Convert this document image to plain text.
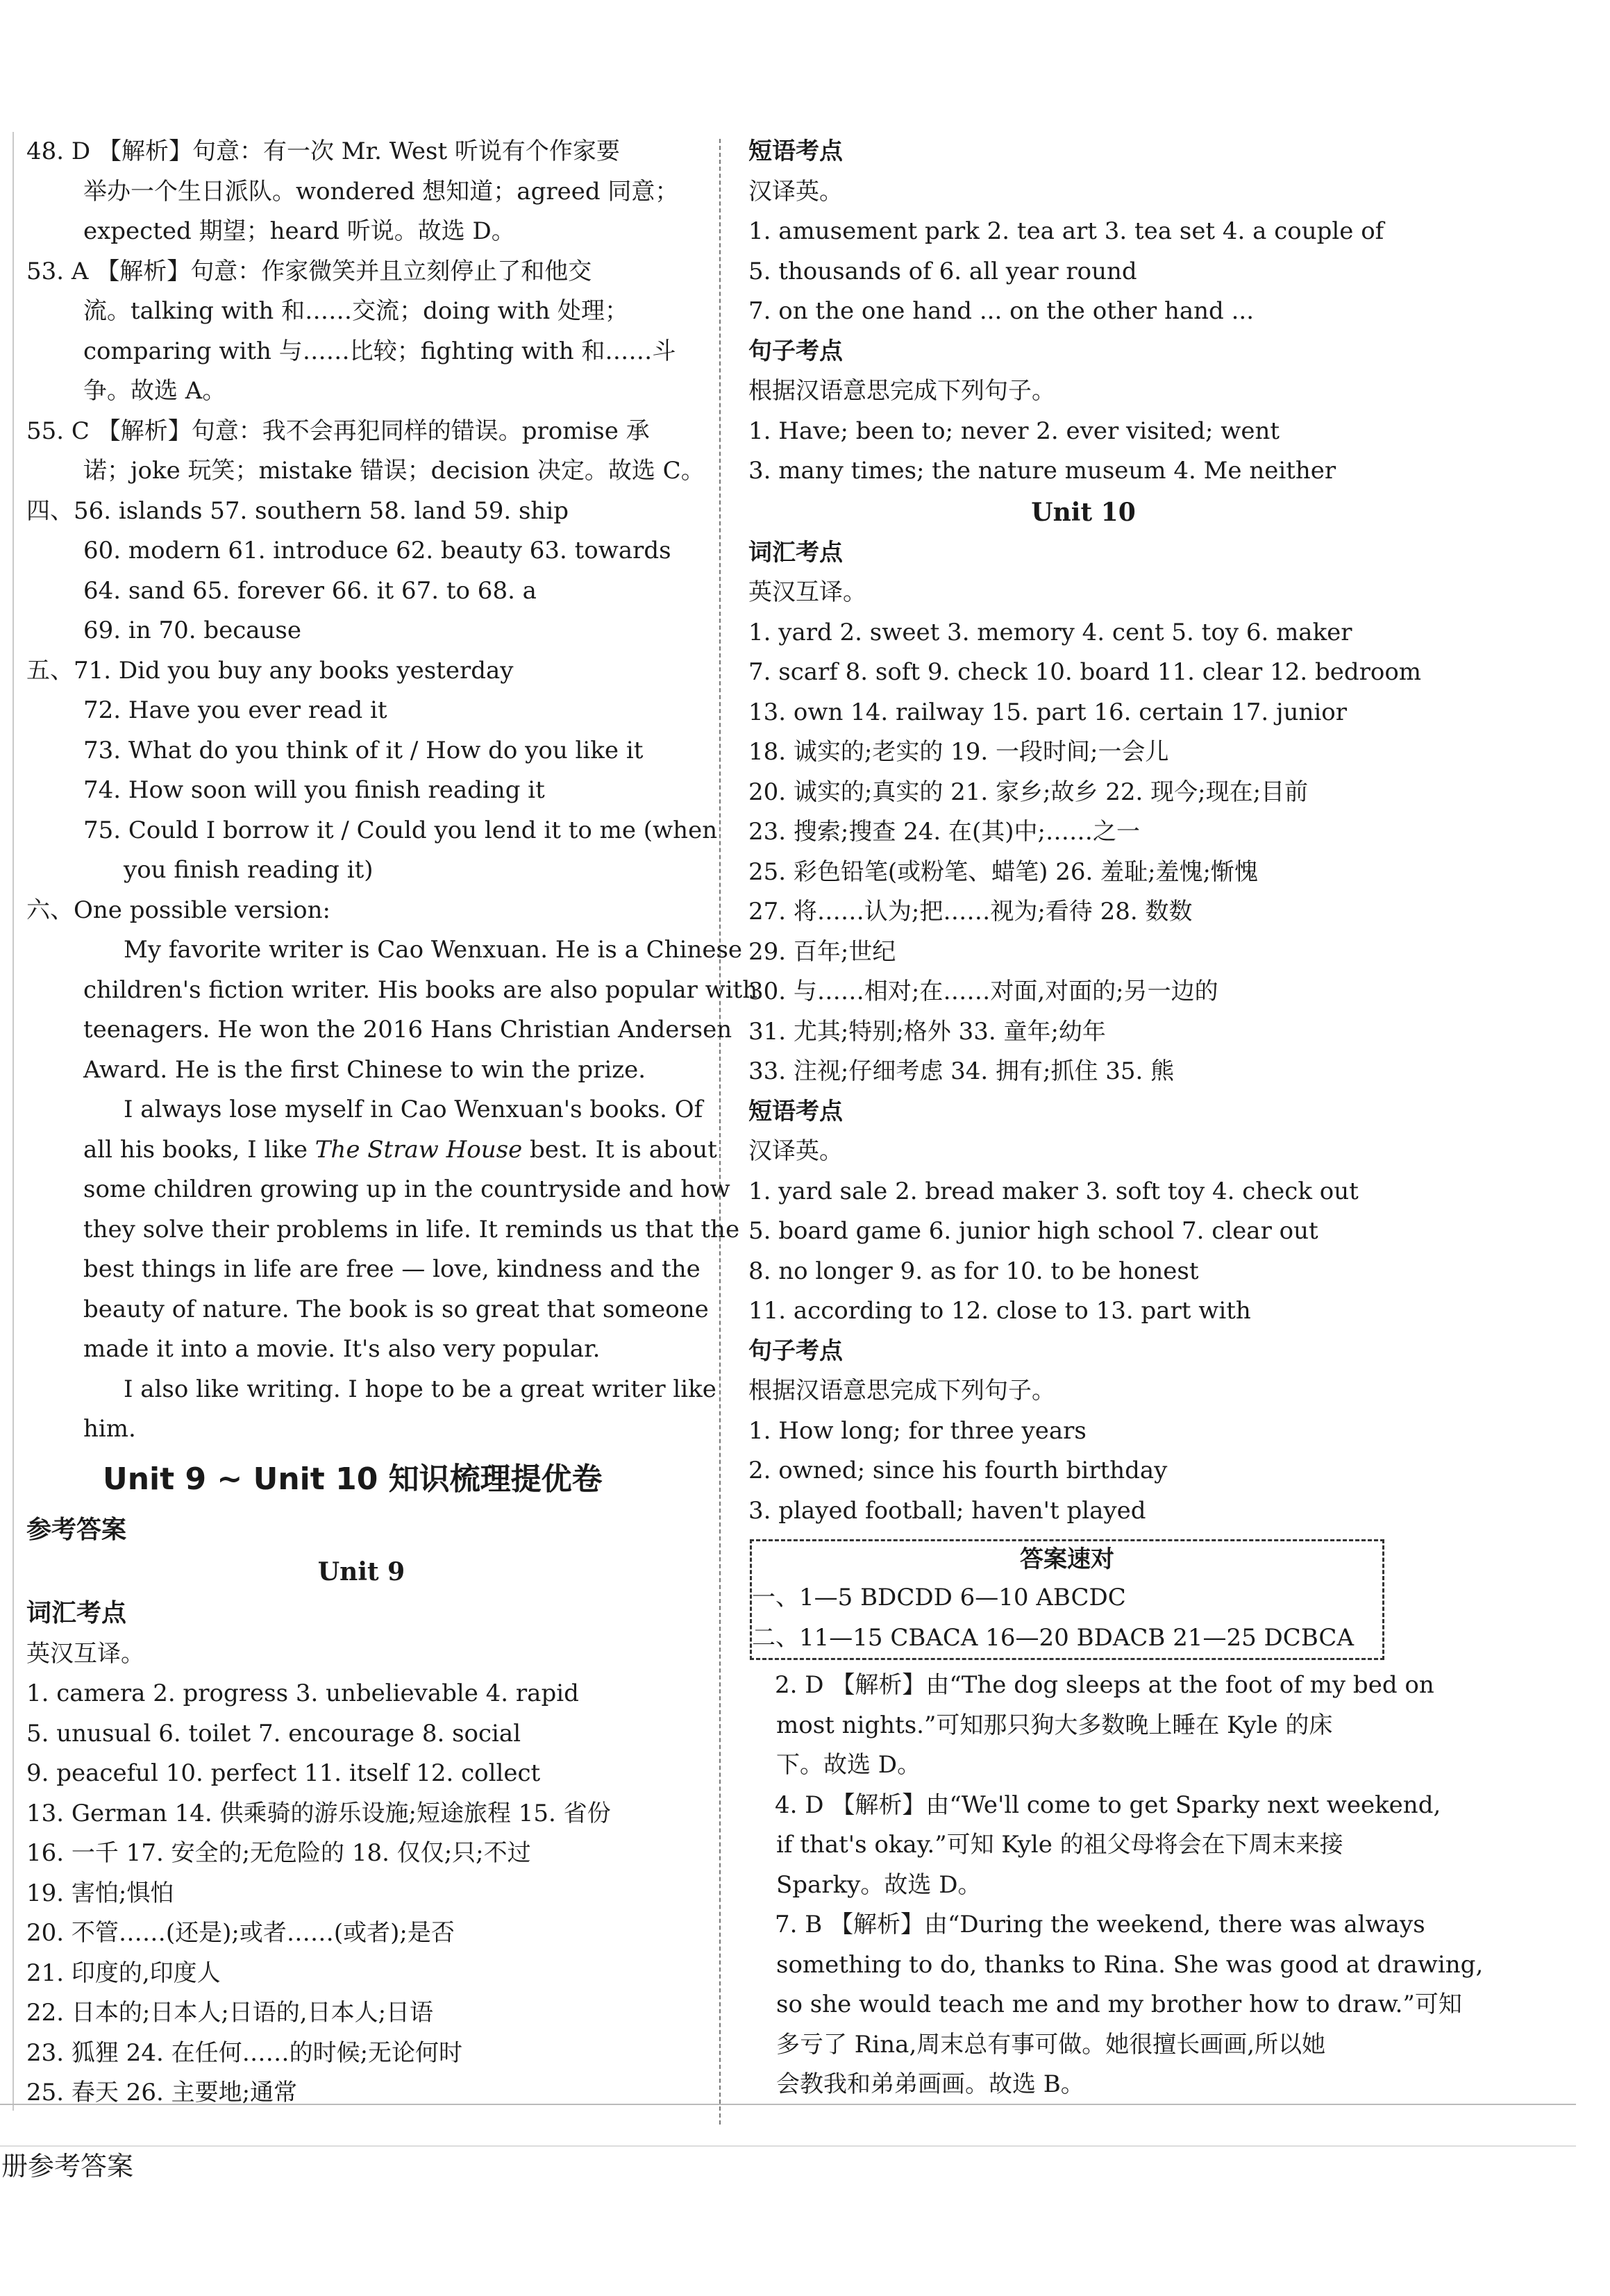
48. D 【解析】句意：有一次 Mr. West 听说有个作家要
举办一个生日派队。wondered 想知道；agreed 同意；
expected 期望；heard 听说。故选 D。
53. A 【解析】句意：作家微笑并且立刻停止了和他交
流。talking with 和……交流；doing with 处理；
comparing with 与……比较；fighting with 和……斗
争。故选 A。
55. C 【解析】句意：我不会再犯同样的错误。promise 承
诺；joke 玩笑；mistake 错误；decision 决定。故选 C。
四、56. islands 57. southern 58. land 59. ship
60. modern 61. introduce 62. beauty 63. towards
64. sand 65. forever 66. it 67. to 68. a
69. in 70. because
五、71. Did you buy any books yesterday
72. Have you ever read it
73. What do you think of it / How do you like it
74. How soon will you finish reading it
75. Could I borrow it / Could you lend it to me (when
you finish reading it)
六、One possible version:
My favorite writer is Cao Wenxuan. He is a Chinese
children's fiction writer. His books are also popular with
teenagers. He won the 2016 Hans Christian Andersen
Award. He is the first Chinese to win the prize.
I always lose myself in Cao Wenxuan's books. Of
all his books, I like The Straw House best. It is about
some children growing up in the countryside and how
they solve their problems in life. It reminds us that the
best things in life are free — love, kindness and the
beauty of nature. The book is so great that someone
made it into a movie. It's also very popular.
I also like writing. I hope to be a great writer like
him.
Unit 9 ~ Unit 10 知识梳理提优卷
参考答案
Unit 9
词汇考点
英汉互译。
1. camera 2. progress 3. unbelievable 4. rapid
5. unusual 6. toilet 7. encourage 8. social
9. peaceful 10. perfect 11. itself 12. collect
13. German 14. 供乘骑的游乐设施;短途旅程 15. 省份
16. 一千 17. 安全的;无危险的 18. 仅仅;只;不过
19. 害怕;惧怕
20. 不管……(还是);或者……(或者);是否
21. 印度的,印度人
22. 日本的;日本人;日语的,日本人;日语
23. 狐狸 24. 在任何……的时候;无论何时
25. 春天 26. 主要地;通常
短语考点
汉译英。
1. amusement park 2. tea art 3. tea set 4. a couple of
5. thousands of 6. all year round
7. on the one hand ... on the other hand ...
句子考点
根据汉语意思完成下列句子。
1. Have; been to; never 2. ever visited; went
3. many times; the nature museum 4. Me neither
Unit 10
词汇考点
英汉互译。
1. yard 2. sweet 3. memory 4. cent 5. toy 6. maker
7. scarf 8. soft 9. check 10. board 11. clear 12. bedroom
13. own 14. railway 15. part 16. certain 17. junior
18. 诚实的;老实的 19. 一段时间;一会儿
20. 诚实的;真实的 21. 家乡;故乡 22. 现今;现在;目前
23. 搜索;搜查 24. 在(其)中;……之一
25. 彩色铅笔(或粉笔、蜡笔) 26. 羞耻;羞愧;惭愧
27. 将……认为;把……视为;看待 28. 数数
29. 百年;世纪
30. 与……相对;在……对面,对面的;另一边的
31. 尤其;特别;格外 33. 童年;幼年
33. 注视;仔细考虑 34. 拥有;抓住 35. 熊
短语考点
汉译英。
1. yard sale 2. bread maker 3. soft toy 4. check out
5. board game 6. junior high school 7. clear out
8. no longer 9. as for 10. to be honest
11. according to 12. close to 13. part with
句子考点
根据汉语意思完成下列句子。
1. How long; for three years
2. owned; since his fourth birthday
3. played football; haven't played
答案速对
一、1—5 BDCDD 6—10 ABCDC
二、11—15 CBACA 16—20 BDACB 21—25 DCBCA
2. D 【解析】由“The dog sleeps at the foot of my bed on
most nights.”可知那只狗大多数晚上睡在 Kyle 的床
下。故选 D。
4. D 【解析】由“We'll come to get Sparky next weekend,
if that's okay.”可知 Kyle 的祖父母将会在下周末来接
Sparky。故选 D。
7. B 【解析】由“During the weekend, there was always
something to do, thanks to Rina. She was good at drawing,
so she would teach me and my brother how to draw.”可知
多亏了 Rina,周末总有事可做。她很擅长画画,所以她
会教我和弟弟画画。故选 B。
册参考答案
